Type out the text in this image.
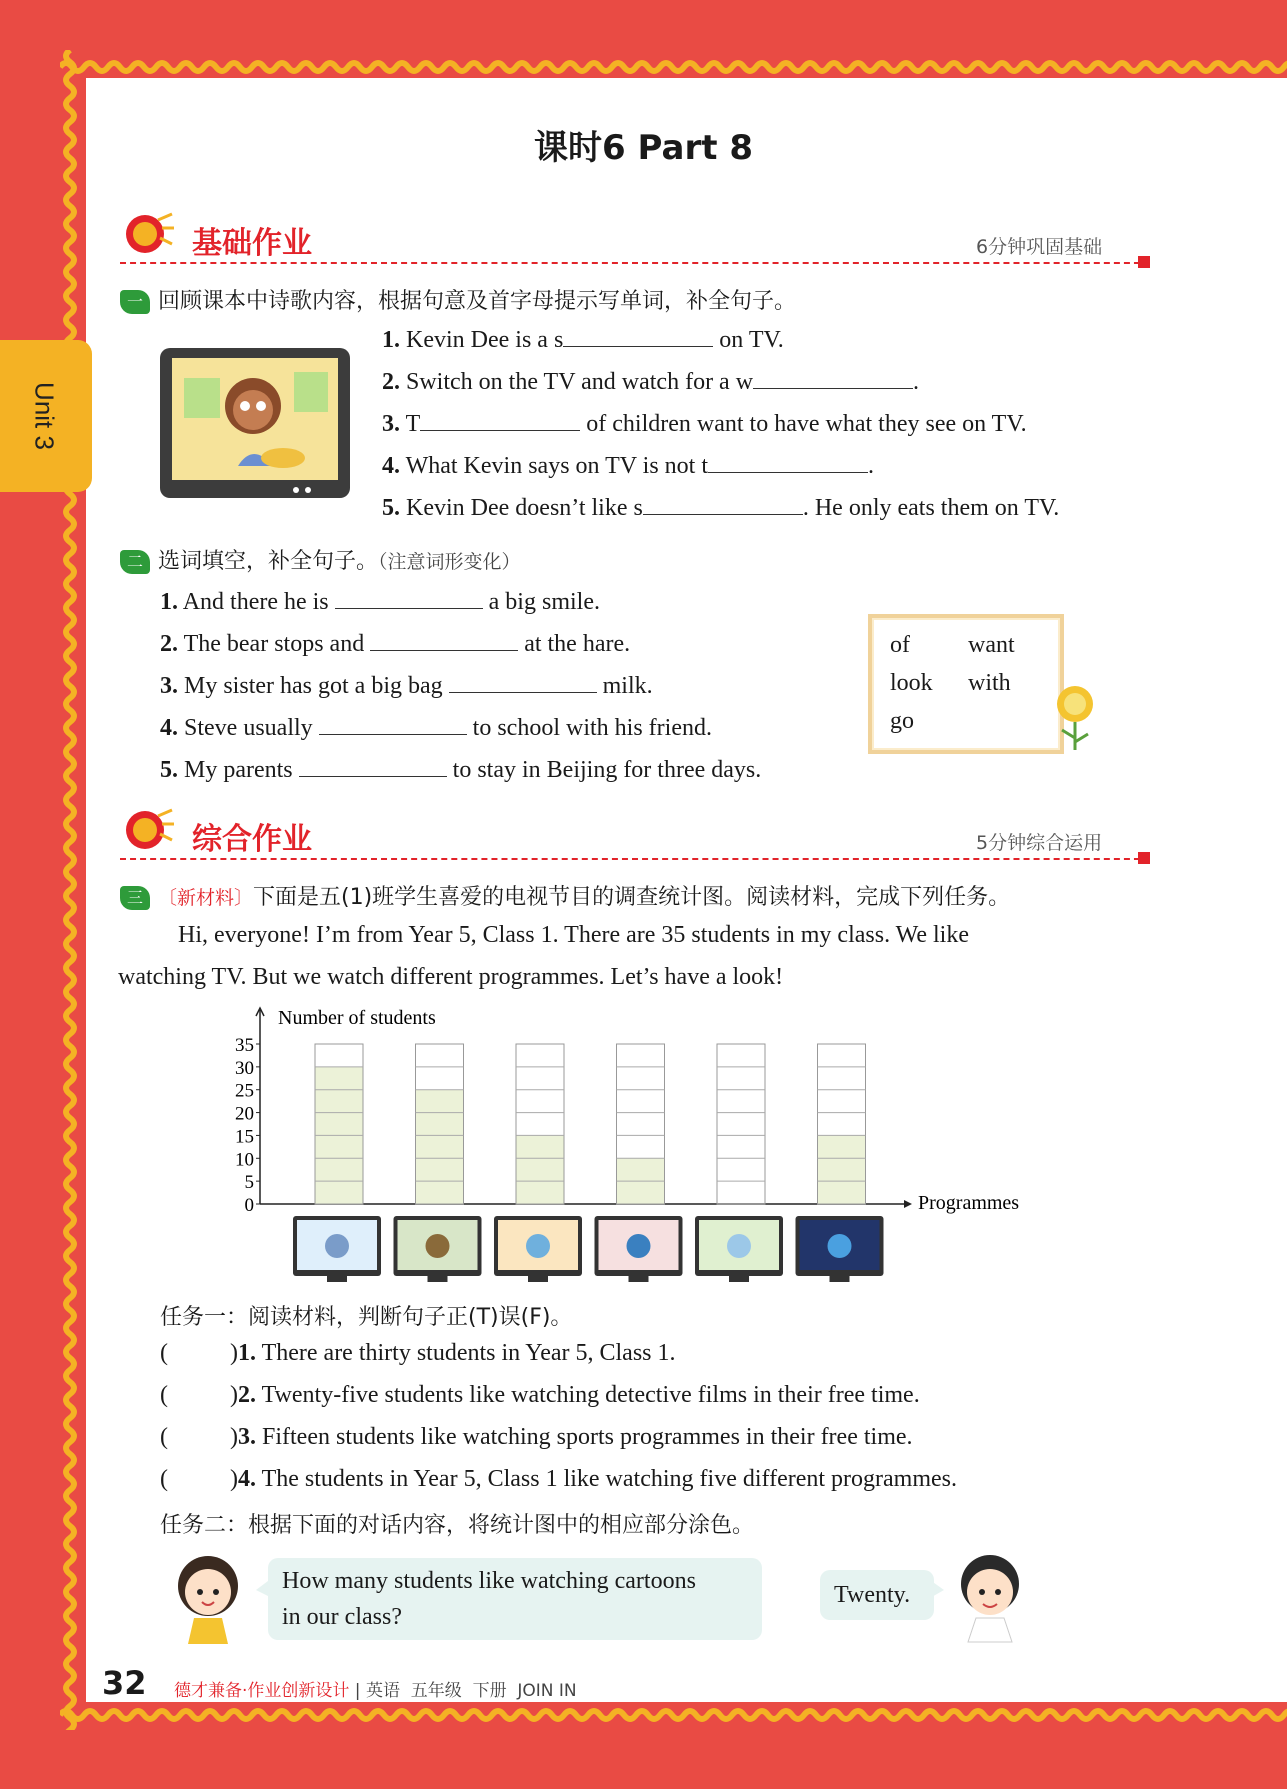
Unit 3
课时6 Part 8
基础作业	6分钟巩固基础
一 回顾课本中诗歌内容，根据句意及首字母提示写单词，补全句子。
1. Kevin Dee is a s	on TV.
2. Switch on the TV and watch for a w	.
3. T	of children want to have what they see on TV.
4. What Kevin says on TV is not t	.
5. Kevin Dee doesn’t like s	. He only eats them on TV.
二 选词填空，补全句子。（注意词形变化）
1. And there he is	a big smile.
2. The bear stops and	at the hare.
3. My sister has got a big bag	milk.
4. Steve usually	to school with his friend.
5. My parents	to stay in Beijing for three days.
of want
look with
go
综合作业	5分钟综合运用
三 〔新材料〕下面是五(1)班学生喜爱的电视节目的调查统计图。阅读材料，完成下列任务。
Hi, everyone! I’m from Year 5, Class 1. There are 35 students in my class. We like
watching TV. But we watch different programmes. Let’s have a look!
Number of students
Programmes
0
5
10
15
20
25
30
35
任务一：阅读材料，判断句子正(T)误(F)。
(	)1. There are thirty students in Year 5, Class 1.
(	)2. Twenty-five students like watching detective films in their free time.
(	)3. Fifteen students like watching sports programmes in their free time.
(	)4. The students in Year 5, Class 1 like watching five different programmes.
任务二：根据下面的对话内容，将统计图中的相应部分涂色。
How many students like watching cartoons
in our class?
Twenty.
32 德才兼备·作业创新设计 | 英语 五年级 下册 JOIN IN
